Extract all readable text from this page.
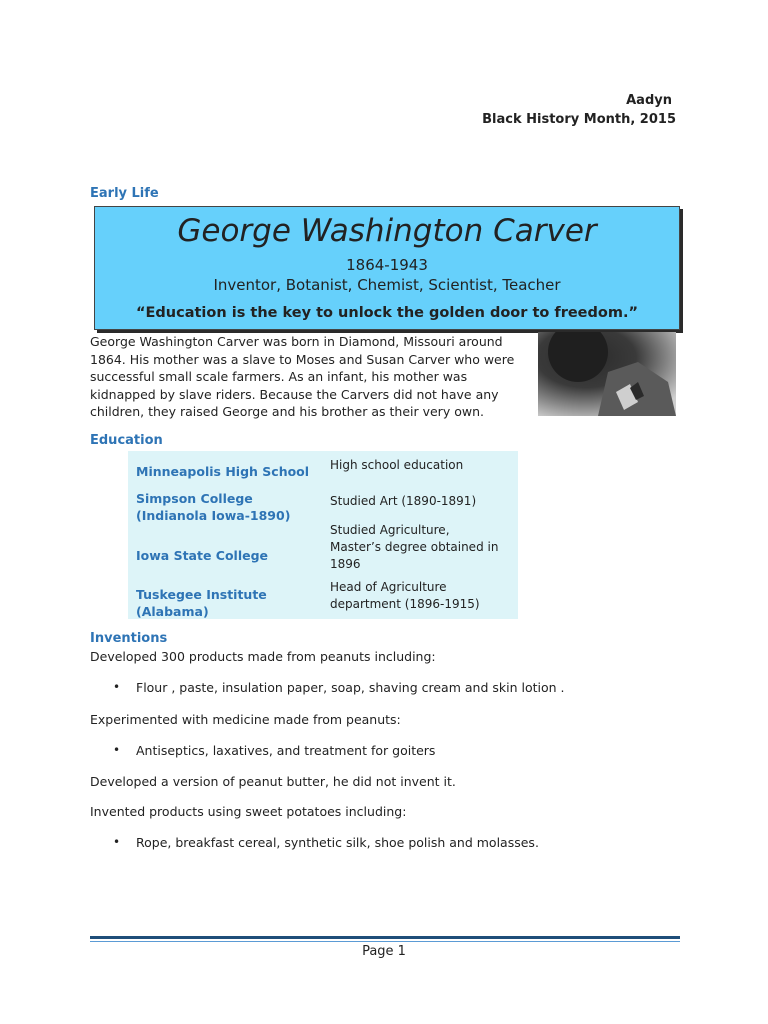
Aadyn
Black History Month, 2015
Early Life
George Washington Carver
1864-1943
Inventor, Botanist, Chemist, Scientist, Teacher
“Education is the key to unlock the golden door to freedom.”
George Washington Carver was born in Diamond, Missouri around
1864. His mother was a slave to Moses and Susan Carver who were
successful small scale farmers. As an infant, his mother was
kidnapped by slave riders. Because the Carvers did not have any
children, they raised George and his brother as their very own.
Education
Minneapolis High School	High school education
Simpson College
(Indianola Iowa-1890)
Studied Art (1890-1891)
Iowa State College
Studied Agriculture,
Master’s degree obtained in
1896
Tuskegee Institute
(Alabama)
Head of Agriculture
department (1896-1915)
Inventions
Developed 300 products made from peanuts including:
• Flour , paste, insulation paper, soap, shaving cream and skin lotion .
Experimented with medicine made from peanuts:
• Antiseptics, laxatives, and treatment for goiters
Developed a version of peanut butter, he did not invent it.
Invented products using sweet potatoes including:
• Rope, breakfast cereal, synthetic silk, shoe polish and molasses.
Page 1
